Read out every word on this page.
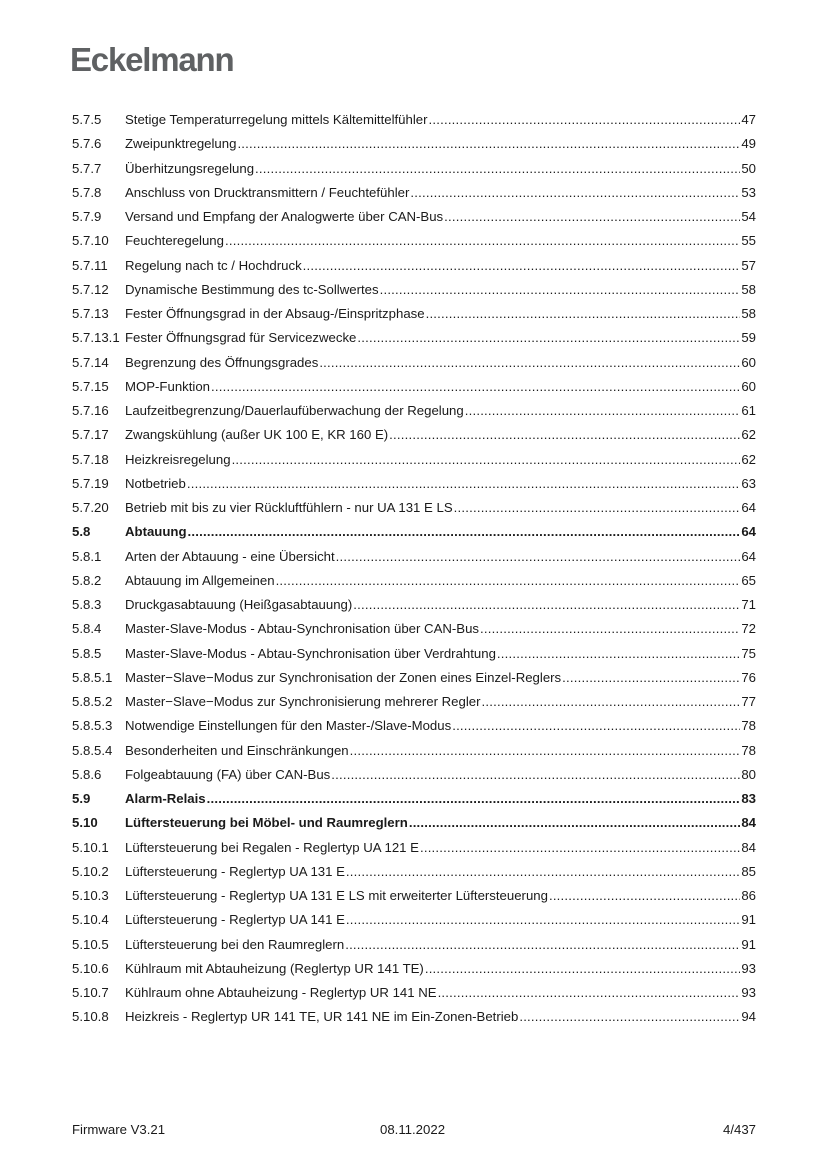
Eckelmann
5.7.5	Stetige Temperaturregelung mittels Kältemittelfühler .....	47
5.7.6	Zweipunktregelung .....	49
5.7.7	Überhitzungsregelung .....	50
5.7.8	Anschluss von Drucktransmittern / Feuchtefühler .....	53
5.7.9	Versand und Empfang der Analogwerte über CAN-Bus .....	54
5.7.10	Feuchteregelung .....	55
5.7.11	Regelung nach tc / Hochdruck .....	57
5.7.12	Dynamische Bestimmung des tc-Sollwertes .....	58
5.7.13	Fester Öffnungsgrad in der Absaug-/Einspritzphase .....	58
5.7.13.1 Fester Öffnungsgrad für Servicezwecke .....	59
5.7.14	Begrenzung des Öffnungsgrades .....	60
5.7.15	MOP-Funktion .....	60
5.7.16	Laufzeitbegrenzung/Dauerlaufüberwachung der Regelung .....	61
5.7.17	Zwangskühlung (außer UK 100 E, KR 160 E) .....	62
5.7.18	Heizkreisregelung .....	62
5.7.19	Notbetrieb .....	63
5.7.20	Betrieb mit bis zu vier Rückluftfühlern - nur UA 131 E LS .....	64
5.8	Abtauung .....	64
5.8.1	Arten der Abtauung - eine Übersicht .....	64
5.8.2	Abtauung im Allgemeinen .....	65
5.8.3	Druckgasabtauung (Heißgasabtauung) .....	71
5.8.4	Master-Slave-Modus - Abtau-Synchronisation über CAN-Bus .....	72
5.8.5	Master-Slave-Modus - Abtau-Synchronisation über Verdrahtung .....	75
5.8.5.1 Master−Slave−Modus zur Synchronisation der Zonen eines Einzel-Reglers .....	76
5.8.5.2 Master−Slave−Modus zur Synchronisierung mehrerer Regler .....	77
5.8.5.3 Notwendige Einstellungen für den Master-/Slave-Modus .....	78
5.8.5.4 Besonderheiten und Einschränkungen .....	78
5.8.6	Folgeabtauung (FA) über CAN-Bus .....	80
5.9	Alarm-Relais .....	83
5.10	Lüftersteuerung bei Möbel- und Raumreglern .....	84
5.10.1	Lüftersteuerung bei Regalen - Reglertyp UA 121 E .....	84
5.10.2	Lüftersteuerung - Reglertyp UA 131 E .....	85
5.10.3	Lüftersteuerung - Reglertyp UA 131 E LS mit erweiterter Lüftersteuerung .....	86
5.10.4	Lüftersteuerung - Reglertyp UA 141 E .....	91
5.10.5	Lüftersteuerung bei den Raumreglern .....	91
5.10.6	Kühlraum mit Abtauheizung (Reglertyp UR 141 TE) .....	93
5.10.7	Kühlraum ohne Abtauheizung - Reglertyp UR 141 NE .....	93
5.10.8	Heizkreis - Reglertyp UR 141 TE, UR 141 NE im Ein-Zonen-Betrieb .....	94
Firmware V3.21	08.11.2022	4/437
